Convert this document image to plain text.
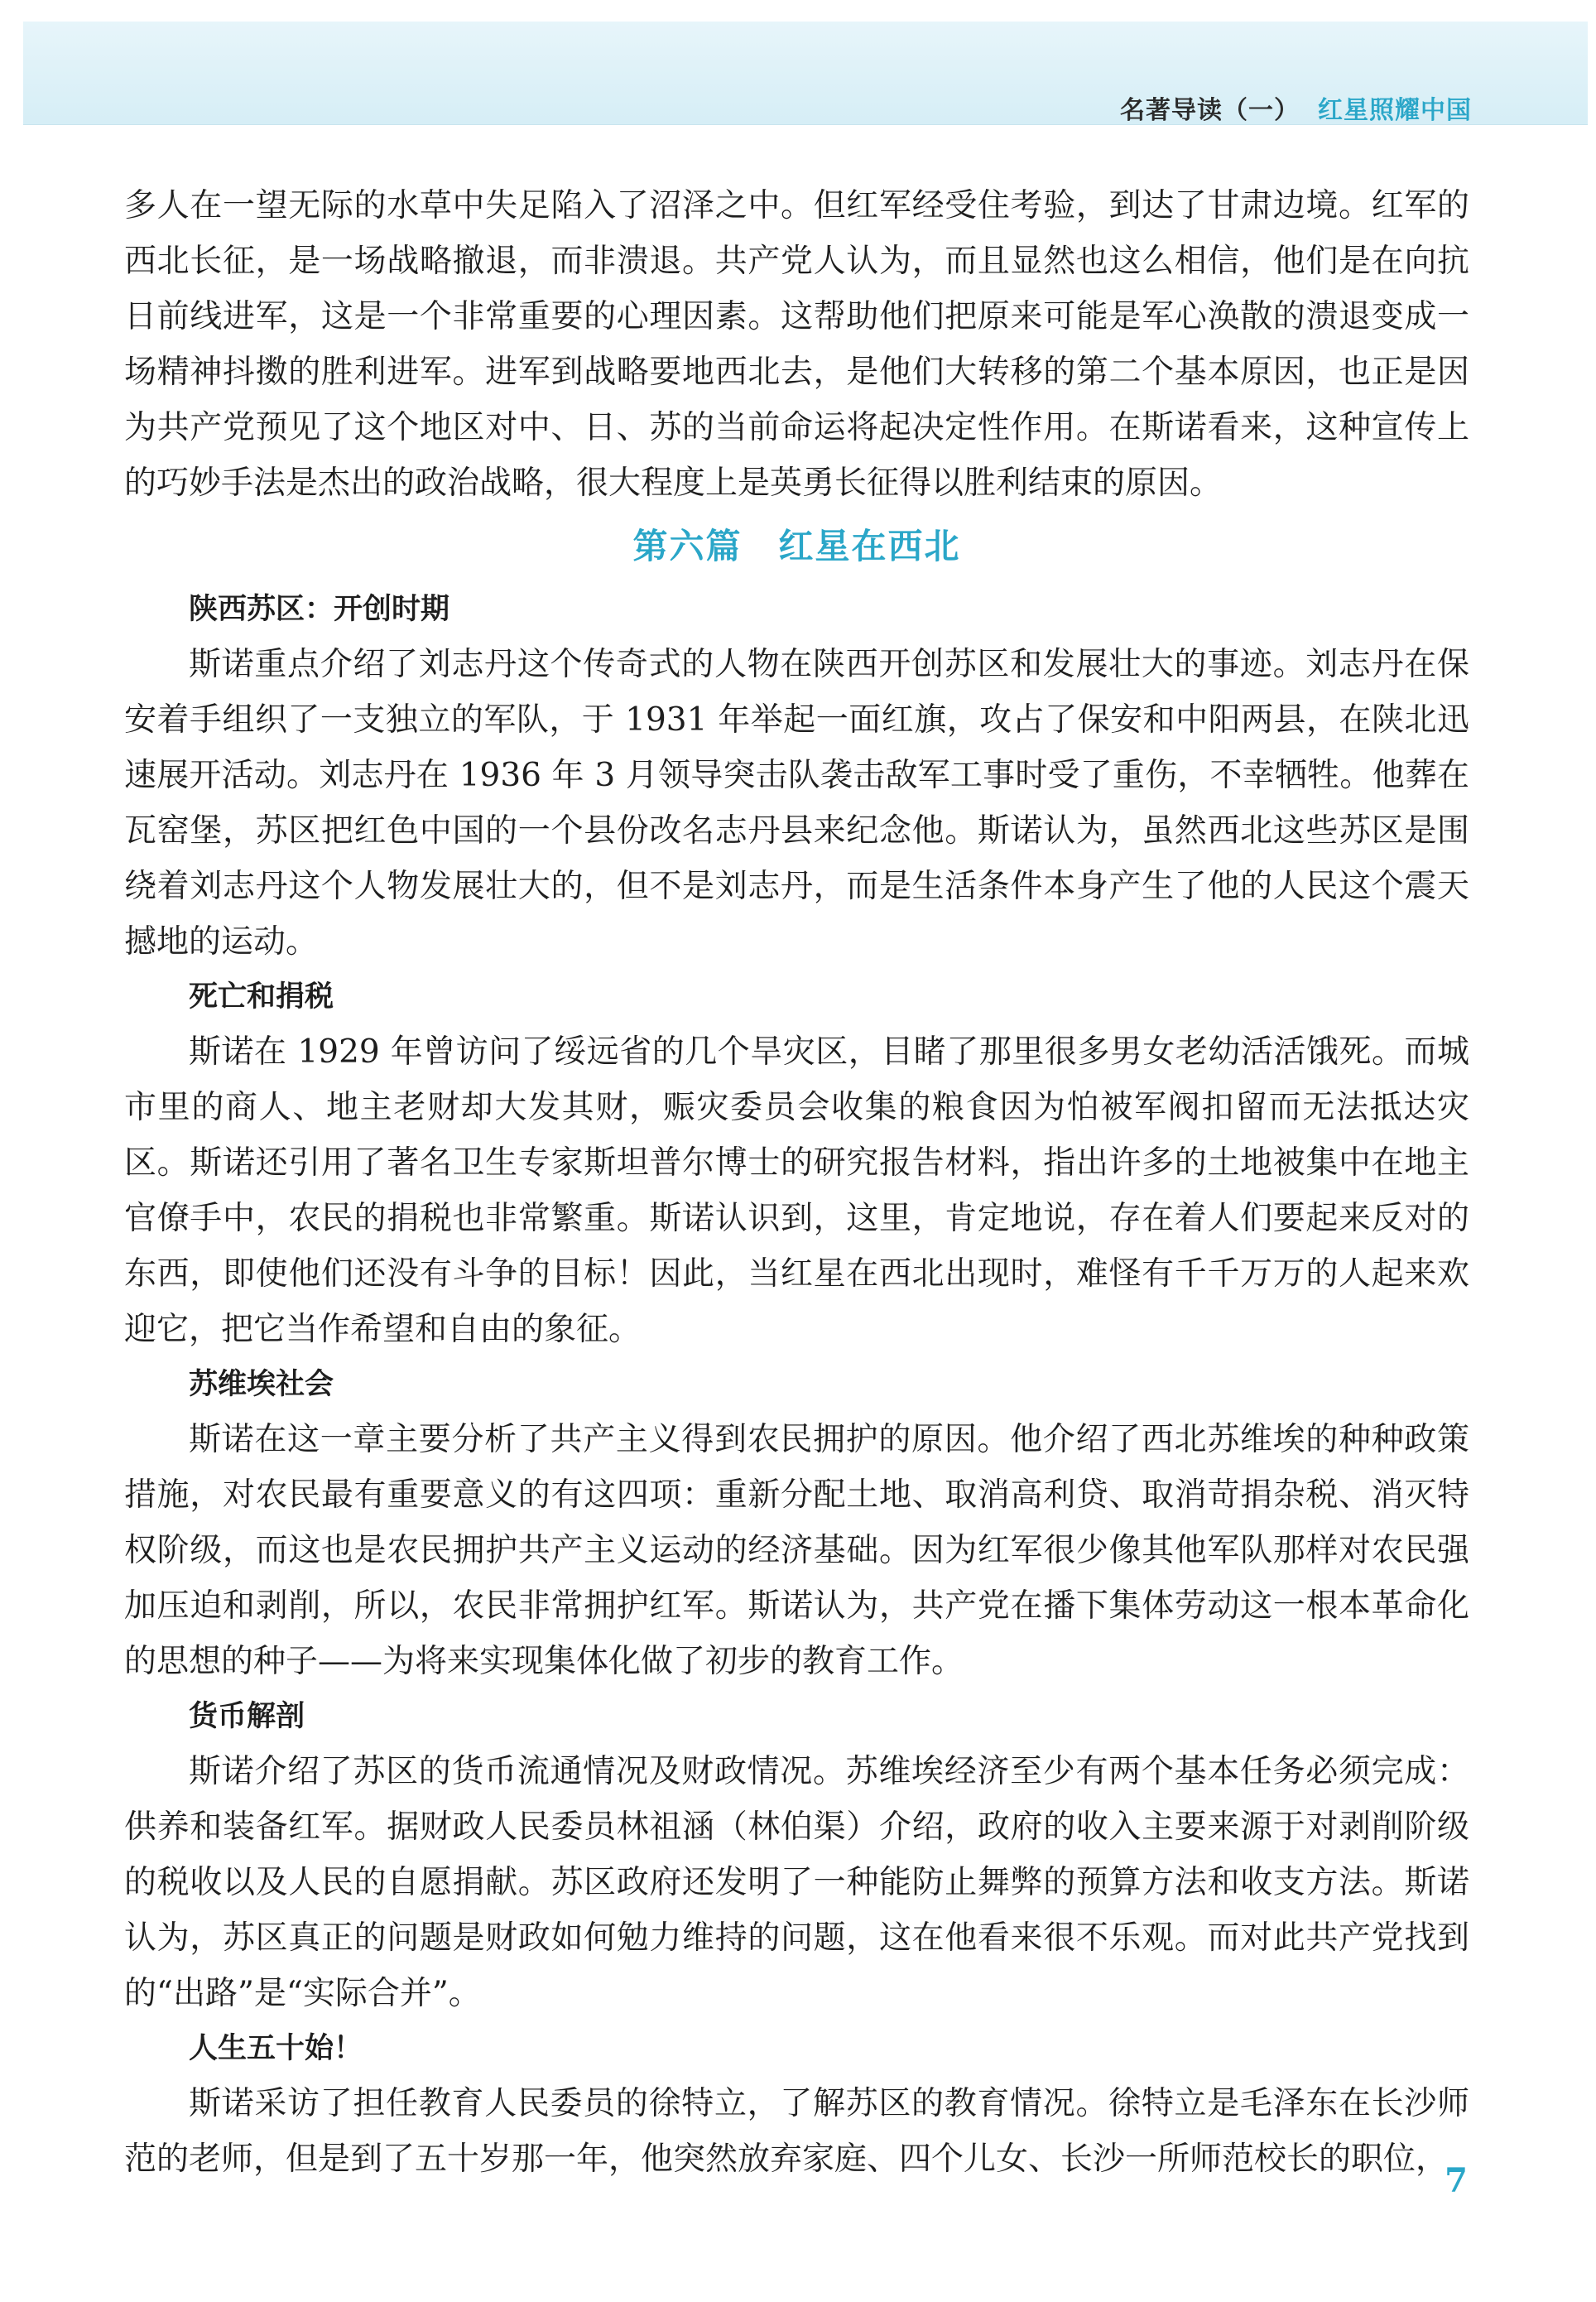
名著导读（一） 红星照耀中国

多人在一望无际的水草中失足陷入了沼泽之中。但红军经受住考验，到达了甘肃边境。红军的西北长征，是一场战略撤退，而非溃退。共产党人认为，而且显然也这么相信，他们是在向抗日前线进军，这是一个非常重要的心理因素。这帮助他们把原来可能是军心涣散的溃退变成一场精神抖擞的胜利进军。进军到战略要地西北去，是他们大转移的第二个基本原因，也正是因为共产党预见了这个地区对中、日、苏的当前命运将起决定性作用。在斯诺看来，这种宣传上的巧妙手法是杰出的政治战略，很大程度上是英勇长征得以胜利结束的原因。

第六篇　红星在西北
陕西苏区：开创时期

斯诺重点介绍了刘志丹这个传奇式的人物在陕西开创苏区和发展壮大的事迹。刘志丹在保安着手组织了一支独立的军队，于 1931 年举起一面红旗，攻占了保安和中阳两县，在陕北迅速展开活动。刘志丹在 1936 年 3 月领导突击队袭击敌军工事时受了重伤，不幸牺牲。他葬在瓦窑堡，苏区把红色中国的一个县份改名志丹县来纪念他。斯诺认为，虽然西北这些苏区是围绕着刘志丹这个人物发展壮大的，但不是刘志丹，而是生活条件本身产生了他的人民这个震天撼地的运动。

死亡和捐税

斯诺在 1929 年曾访问了绥远省的几个旱灾区，目睹了那里很多男女老幼活活饿死。而城市里的商人、地主老财却大发其财，赈灾委员会收集的粮食因为怕被军阀扣留而无法抵达灾区。斯诺还引用了著名卫生专家斯坦普尔博士的研究报告材料，指出许多的土地被集中在地主官僚手中，农民的捐税也非常繁重。斯诺认识到，这里，肯定地说，存在着人们要起来反对的东西，即使他们还没有斗争的目标！因此，当红星在西北出现时，难怪有千千万万的人起来欢迎它，把它当作希望和自由的象征。

苏维埃社会

斯诺在这一章主要分析了共产主义得到农民拥护的原因。他介绍了西北苏维埃的种种政策措施，对农民最有重要意义的有这四项：重新分配土地、取消高利贷、取消苛捐杂税、消灭特权阶级，而这也是农民拥护共产主义运动的经济基础。因为红军很少像其他军队那样对农民强加压迫和剥削，所以，农民非常拥护红军。斯诺认为，共产党在播下集体劳动这一根本革命化的思想的种子——为将来实现集体化做了初步的教育工作。

货币解剖

斯诺介绍了苏区的货币流通情况及财政情况。苏维埃经济至少有两个基本任务必须完成：供养和装备红军。据财政人民委员林祖涵（林伯渠）介绍，政府的收入主要来源于对剥削阶级的税收以及人民的自愿捐献。苏区政府还发明了一种能防止舞弊的预算方法和收支方法。斯诺认为，苏区真正的问题是财政如何勉力维持的问题，这在他看来很不乐观。而对此共产党找到的“出路”是“实际合并”。

人生五十始！

斯诺采访了担任教育人民委员的徐特立，了解苏区的教育情况。徐特立是毛泽东在长沙师范的老师，但是到了五十岁那一年，他突然放弃家庭、四个儿女、长沙一所师范校长的职位，

7
